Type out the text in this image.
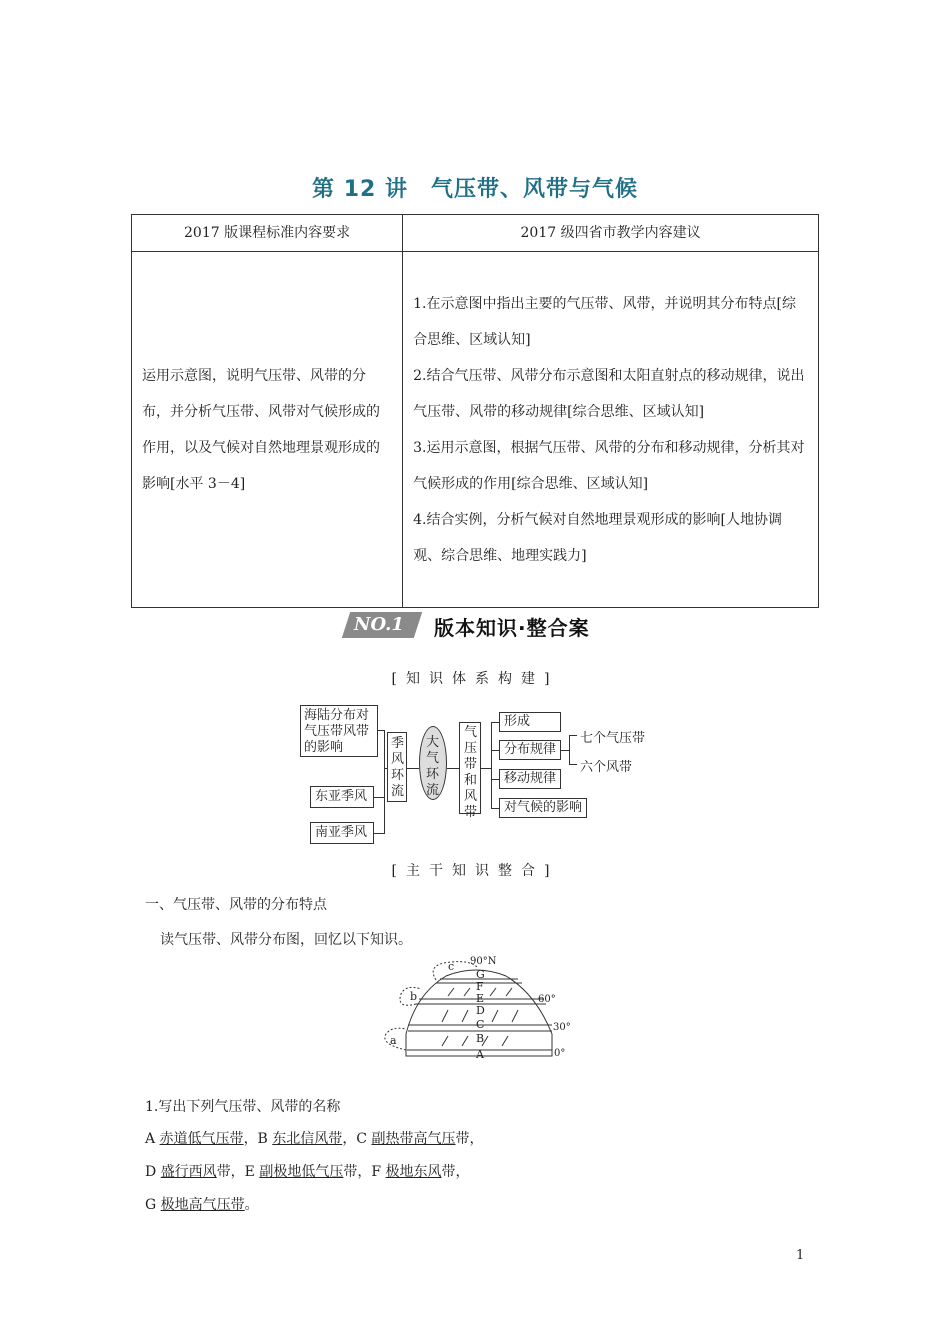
第 12 讲　气压带、风带与气候
2017 版课程标准内容要求	2017 级四省市教学内容建议
运用示意图，说明气压带、风带的分布，并分析气压带、风带对气候形成的作用，以及气候对自然地理景观形成的影响[水平 3－4]	1.在示意图中指出主要的气压带、风带，并说明其分布特点[综合思维、区域认知]

2.结合气压带、风带分布示意图和太阳直射点的移动规律，说出气压带、风带的移动规律[综合思维、区域认知]

3.运用示意图，根据气压带、风带的分布和移动规律，分析其对气候形成的作用[综合思维、区域认知]

4.结合实例，分析气候对自然地理景观形成的影响[人地协调观、综合思维、地理实践力]

NO.1 版本知识·整合案
[知识体系构建]
海陆分布对气压带风带的影响
东亚季风
南亚季风
季风环流
大气环流
气压带和风带
形成
分布规律
移动规律
对气候的影响
七个气压带
六个风带
[主干知识整合]
一、气压带、风带的分布特点
读气压带、风带分布图，回忆以下知识。
a
b
c
G
F
E
D
C
B
A
90°N
60°
30°
0°
1.写出下列气压带、风带的名称
A 赤道低气压带，B 东北信风带，C 副热带高气压带，
D 盛行西风带，E 副极地低气压带，F 极地东风带，
G 极地高气压带。
1
